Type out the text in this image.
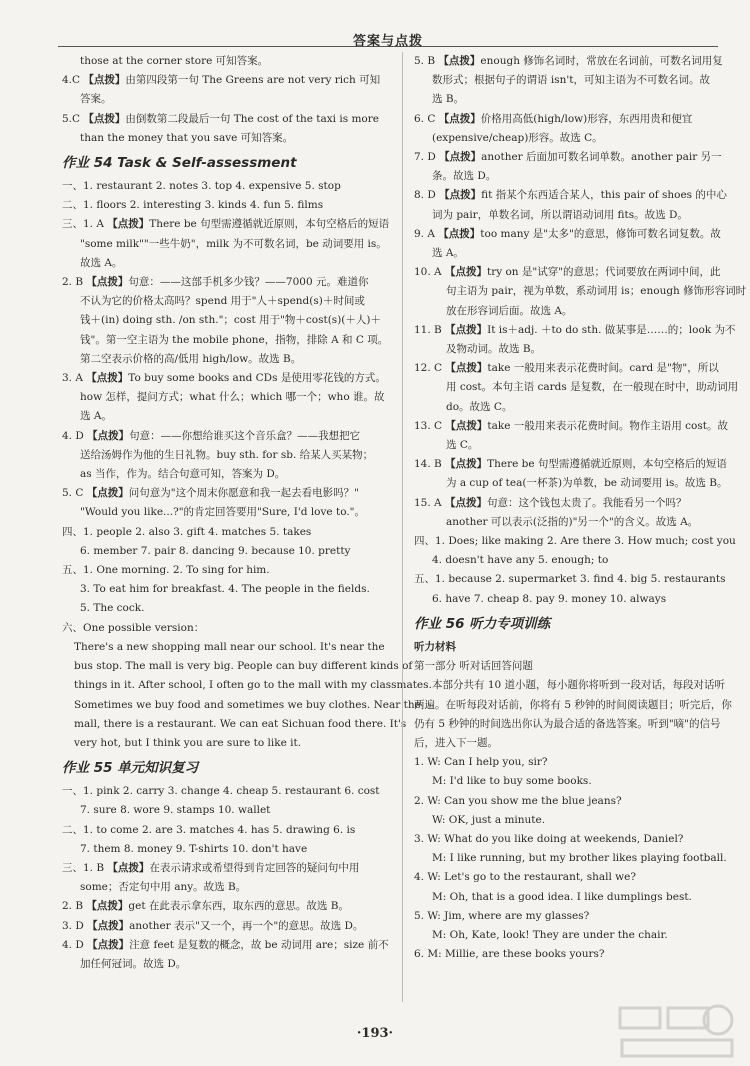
答案与点拨
those at the corner store 可知答案。
4.C 【点拨】由第四段第一句 The Greens are not very rich 可知
答案。
5.C 【点拨】由倒数第二段最后一句 The cost of the taxi is more
than the money that you save 可知答案。
作业 54 Task & Self-assessment
一、1. restaurant 2. notes 3. top 4. expensive 5. stop
二、1. floors 2. interesting 3. kinds 4. fun 5. films
三、1. A 【点拨】There be 句型需遵循就近原则，本句空格后的短语
"some milk""一些牛奶"，milk 为不可数名词，be 动词要用 is。
故选 A。
2. B 【点拨】句意：——这部手机多少钱？——7000 元。难道你
不认为它的价格太高吗？spend 用于"人＋spend(s)＋时间或
钱＋(in) doing sth. /on sth."；cost 用于"物＋cost(s)(＋人)＋
钱"。第一空主语为 the mobile phone，指物，排除 A 和 C 项。
第二空表示价格的高/低用 high/low。故选 B。
3. A 【点拨】To buy some books and CDs 是使用零花钱的方式。
how 怎样，提问方式；what 什么；which 哪一个；who 谁。故
选 A。
4. D 【点拨】句意：——你想给谁买这个音乐盒？——我想把它
送给汤姆作为他的生日礼物。buy sth. for sb. 给某人买某物；
as 当作，作为。结合句意可知，答案为 D。
5. C 【点拨】问句意为"这个周末你愿意和我一起去看电影吗？"
"Would you like...?"的肯定回答要用"Sure, I'd love to."。
四、1. people 2. also 3. gift 4. matches 5. takes
6. member 7. pair 8. dancing 9. because 10. pretty
五、1. One morning. 2. To sing for him.
3. To eat him for breakfast. 4. The people in the fields.
5. The cock.
六、One possible version：
There's a new shopping mall near our school. It's near the
bus stop. The mall is very big. People can buy different kinds of
things in it. After school, I often go to the mall with my classmates.
Sometimes we buy food and sometimes we buy clothes. Near the
mall, there is a restaurant. We can eat Sichuan food there. It's
very hot, but I think you are sure to like it.
作业 55 单元知识复习
一、1. pink 2. carry 3. change 4. cheap 5. restaurant 6. cost
7. sure 8. wore 9. stamps 10. wallet
二、1. to come 2. are 3. matches 4. has 5. drawing 6. is
7. them 8. money 9. T-shirts 10. don't have
三、1. B 【点拨】在表示请求或希望得到肯定回答的疑问句中用
some；否定句中用 any。故选 B。
2. B 【点拨】get 在此表示拿东西，取东西的意思。故选 B。
3. D 【点拨】another 表示"又一个，再一个"的意思。故选 D。
4. D 【点拨】注意 feet 是复数的概念，故 be 动词用 are；size 前不
加任何冠词。故选 D。
5. B 【点拨】enough 修饰名词时，常放在名词前，可数名词用复
数形式；根据句子的谓语 isn't，可知主语为不可数名词。故
选 B。
6. C 【点拨】价格用高低(high/low)形容，东西用贵和便宜
(expensive/cheap)形容。故选 C。
7. D 【点拨】another 后面加可数名词单数。another pair 另一
条。故选 D。
8. D 【点拨】fit 指某个东西适合某人，this pair of shoes 的中心
词为 pair，单数名词，所以谓语动词用 fits。故选 D。
9. A 【点拨】too many 是"太多"的意思，修饰可数名词复数。故
选 A。
10. A 【点拨】try on 是"试穿"的意思；代词要放在两词中间，此
句主语为 pair，视为单数，系动词用 is；enough 修饰形容词时
放在形容词后面。故选 A。
11. B 【点拨】It is＋adj. ＋to do sth. 做某事是……的；look 为不
及物动词。故选 B。
12. C 【点拨】take 一般用来表示花费时间。card 是"物"，所以
用 cost。本句主语 cards 是复数，在一般现在时中，助动词用
do。故选 C。
13. C 【点拨】take 一般用来表示花费时间。物作主语用 cost。故
选 C。
14. B 【点拨】There be 句型需遵循就近原则，本句空格后的短语
为 a cup of tea(一杯茶)为单数，be 动词要用 is。故选 B。
15. A 【点拨】句意：这个钱包太贵了。我能看另一个吗？
another 可以表示(泛指的)"另一个"的含义。故选 A。
四、1. Does; like making 2. Are there 3. How much; cost you
4. doesn't have any 5. enough; to
五、1. because 2. supermarket 3. find 4. big 5. restaurants
6. have 7. cheap 8. pay 9. money 10. always
作业 56 听力专项训练
听力材料
第一部分 听对话回答问题
本部分共有 10 道小题，每小题你将听到一段对话，每段对话听
两遍。在听每段对话前，你将有 5 秒钟的时间阅读题目；听完后，你
仍有 5 秒钟的时间选出你认为最合适的备选答案。听到"嘀"的信号
后，进入下一题。
1. W: Can I help you, sir?
M: I'd like to buy some books.
2. W: Can you show me the blue jeans?
W: OK, just a minute.
3. W: What do you like doing at weekends, Daniel?
M: I like running, but my brother likes playing football.
4. W: Let's go to the restaurant, shall we?
M: Oh, that is a good idea. I like dumplings best.
5. W: Jim, where are my glasses?
M: Oh, Kate, look! They are under the chair.
6. M: Millie, are these books yours?
·193·
